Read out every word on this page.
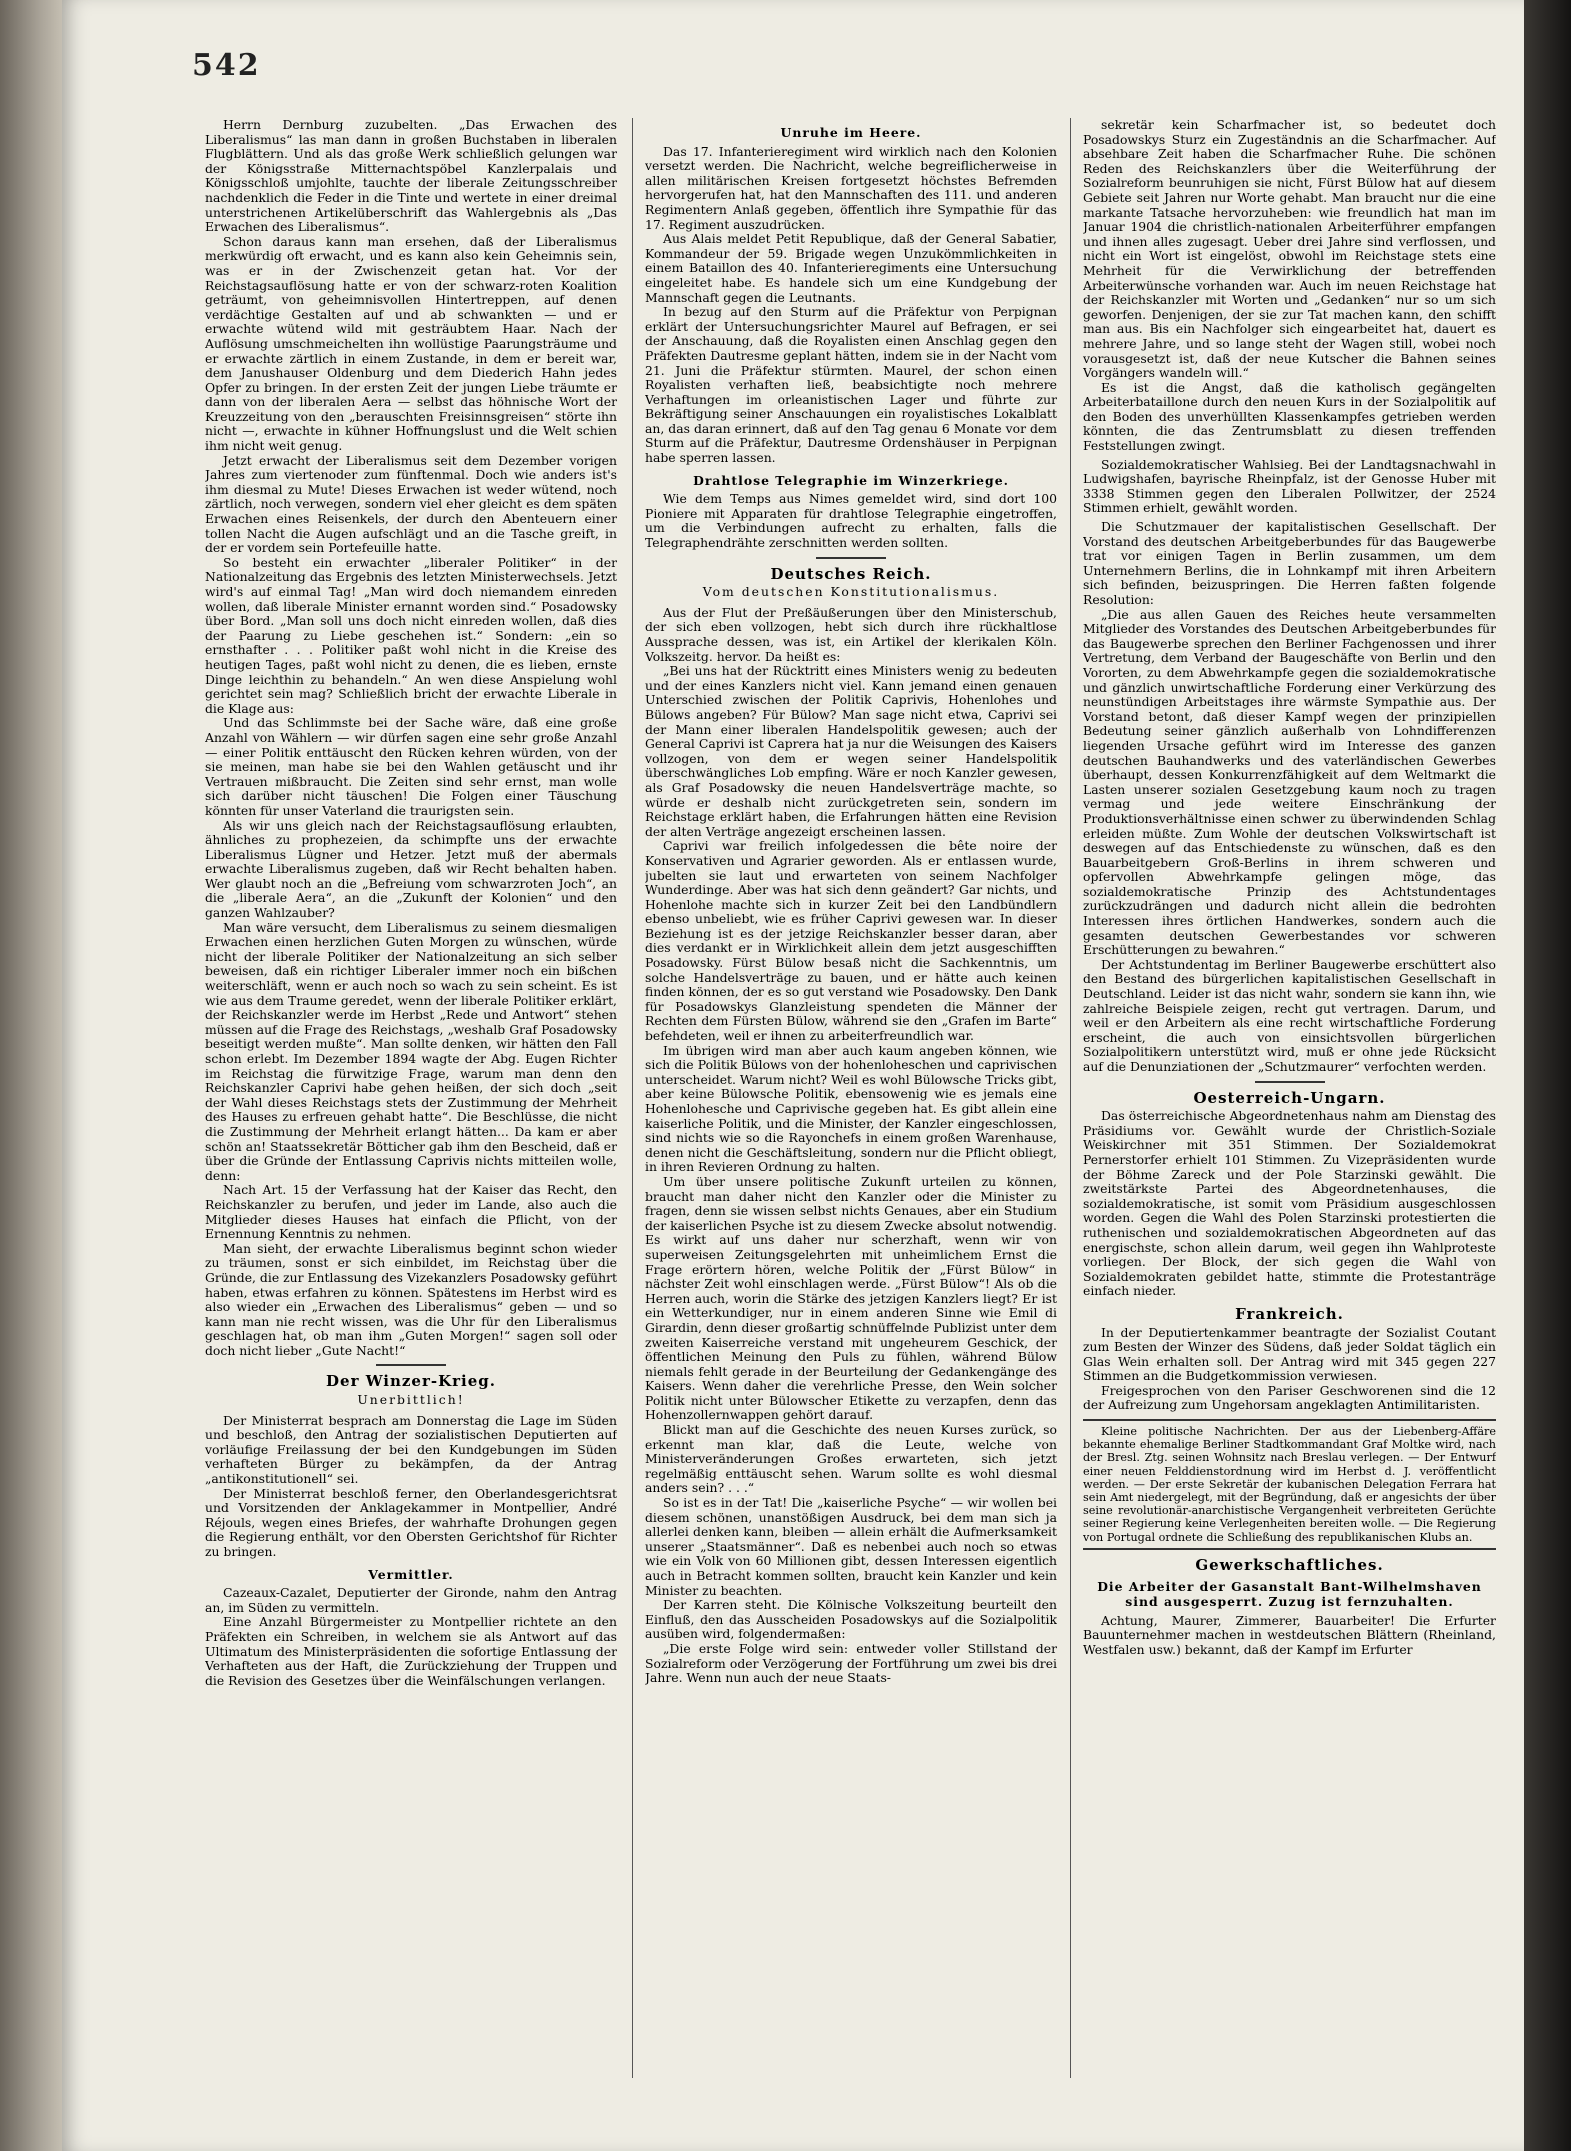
542

Herrn Dernburg zuzubelten. „Das Erwachen des Liberalismus“ las man dann in großen Buchstaben in liberalen Flugblättern. Und als das große Werk schließlich gelungen war der Königsstraße Mitternachtspöbel Kanzlerpalais und Königsschloß umjohlte, tauchte der liberale Zeitungsschreiber nachdenklich die Feder in die Tinte und wertete in einer dreimal unterstrichenen Artikelüberschrift das Wahlergebnis als „Das Erwachen des Liberalismus“.

Schon daraus kann man ersehen, daß der Liberalismus merkwürdig oft erwacht, und es kann also kein Geheimnis sein, was er in der Zwischenzeit getan hat. Vor der Reichstagsauflösung hatte er von der schwarz-roten Koalition geträumt, von geheimnisvollen Hintertreppen, auf denen verdächtige Gestalten auf und ab schwankten — und er erwachte wütend wild mit gesträubtem Haar. Nach der Auflösung umschmeichelten ihn wollüstige Paarungsträume und er erwachte zärtlich in einem Zustande, in dem er bereit war, dem Janushauser Oldenburg und dem Diederich Hahn jedes Opfer zu bringen. In der ersten Zeit der jungen Liebe träumte er dann von der liberalen Aera — selbst das höhnische Wort der Kreuzzeitung von den „berauschten Freisinnsgreisen“ störte ihn nicht —, erwachte in kühner Hoffnungslust und die Welt schien ihm nicht weit genug.

Jetzt erwacht der Liberalismus seit dem Dezember vorigen Jahres zum viertenoder zum fünftenmal. Doch wie anders ist's ihm diesmal zu Mute! Dieses Erwachen ist weder wütend, noch zärtlich, noch verwegen, sondern viel eher gleicht es dem späten Erwachen eines Reisenkels, der durch den Abenteuern einer tollen Nacht die Augen aufschlägt und an die Tasche greift, in der er vordem sein Portefeuille hatte.

So besteht ein erwachter „liberaler Politiker“ in der Nationalzeitung das Ergebnis des letzten Ministerwechsels. Jetzt wird's auf einmal Tag! „Man wird doch niemandem einreden wollen, daß liberale Minister ernannt worden sind.“ Posadowsky über Bord. „Man soll uns doch nicht einreden wollen, daß dies der Paarung zu Liebe geschehen ist.“ Sondern: „ein so ernsthafter . . . Politiker paßt wohl nicht in die Kreise des heutigen Tages, paßt wohl nicht zu denen, die es lieben, ernste Dinge leichthin zu behandeln.“ An wen diese Anspielung wohl gerichtet sein mag? Schließlich bricht der erwachte Liberale in die Klage aus:

Und das Schlimmste bei der Sache wäre, daß eine große Anzahl von Wählern — wir dürfen sagen eine sehr große Anzahl — einer Politik enttäuscht den Rücken kehren würden, von der sie meinen, man habe sie bei den Wahlen getäuscht und ihr Vertrauen mißbraucht. Die Zeiten sind sehr ernst, man wolle sich darüber nicht täuschen! Die Folgen einer Täuschung könnten für unser Vaterland die traurigsten sein.

Als wir uns gleich nach der Reichstagsauflösung erlaubten, ähnliches zu prophezeien, da schimpfte uns der erwachte Liberalismus Lügner und Hetzer. Jetzt muß der abermals erwachte Liberalismus zugeben, daß wir Recht behalten haben. Wer glaubt noch an die „Befreiung vom schwarzroten Joch“, an die „liberale Aera“, an die „Zukunft der Kolonien“ und den ganzen Wahlzauber?

Man wäre versucht, dem Liberalismus zu seinem diesmaligen Erwachen einen herzlichen Guten Morgen zu wünschen, würde nicht der liberale Politiker der Nationalzeitung an sich selber beweisen, daß ein richtiger Liberaler immer noch ein bißchen weiterschläft, wenn er auch noch so wach zu sein scheint. Es ist wie aus dem Traume geredet, wenn der liberale Politiker erklärt, der Reichskanzler werde im Herbst „Rede und Antwort“ stehen müssen auf die Frage des Reichstags, „weshalb Graf Posadowsky beseitigt werden mußte“. Man sollte denken, wir hätten den Fall schon erlebt. Im Dezember 1894 wagte der Abg. Eugen Richter im Reichstag die fürwitzige Frage, warum man denn den Reichskanzler Caprivi habe gehen heißen, der sich doch „seit der Wahl dieses Reichstags stets der Zustimmung der Mehrheit des Hauses zu erfreuen gehabt hatte“. Die Beschlüsse, die nicht die Zustimmung der Mehrheit erlangt hätten... Da kam er aber schön an! Staatssekretär Bötticher gab ihm den Bescheid, daß er über die Gründe der Entlassung Caprivis nichts mitteilen wolle, denn:

Nach Art. 15 der Verfassung hat der Kaiser das Recht, den Reichskanzler zu berufen, und jeder im Lande, also auch die Mitglieder dieses Hauses hat einfach die Pflicht, von der Ernennung Kenntnis zu nehmen.

Man sieht, der erwachte Liberalismus beginnt schon wieder zu träumen, sonst er sich einbildet, im Reichstag über die Gründe, die zur Entlassung des Vizekanzlers Posadowsky geführt haben, etwas erfahren zu können. Spätestens im Herbst wird es also wieder ein „Erwachen des Liberalismus“ geben — und so kann man nie recht wissen, was die Uhr für den Liberalismus geschlagen hat, ob man ihm „Guten Morgen!“ sagen soll oder doch nicht lieber „Gute Nacht!“

Der Winzer-Krieg.
Unerbittlich!

Der Ministerrat besprach am Donnerstag die Lage im Süden und beschloß, den Antrag der sozialistischen Deputierten auf vorläufige Freilassung der bei den Kundgebungen im Süden verhafteten Bürger zu bekämpfen, da der Antrag „antikonstitutionell“ sei.

Der Ministerrat beschloß ferner, den Oberlandesgerichtsrat und Vorsitzenden der Anklagekammer in Montpellier, André Réjouls, wegen eines Briefes, der wahrhafte Drohungen gegen die Regierung enthält, vor den Obersten Gerichtshof für Richter zu bringen.

Vermittler.

Cazeaux-Cazalet, Deputierter der Gironde, nahm den Antrag an, im Süden zu vermitteln.

Eine Anzahl Bürgermeister zu Montpellier richtete an den Präfekten ein Schreiben, in welchem sie als Antwort auf das Ultimatum des Ministerpräsidenten die sofortige Entlassung der Verhafteten aus der Haft, die Zurückziehung der Truppen und die Revision des Gesetzes über die Weinfälschungen verlangen.

Unruhe im Heere.

Das 17. Infanterieregiment wird wirklich nach den Kolonien versetzt werden. Die Nachricht, welche begreiflicherweise in allen militärischen Kreisen fortgesetzt höchstes Befremden hervorgerufen hat, hat den Mannschaften des 111. und anderen Regimentern Anlaß gegeben, öffentlich ihre Sympathie für das 17. Regiment auszudrücken.

Aus Alais meldet Petit Republique, daß der General Sabatier, Kommandeur der 59. Brigade wegen Unzukömmlichkeiten in einem Bataillon des 40. Infanterieregiments eine Untersuchung eingeleitet habe. Es handele sich um eine Kundgebung der Mannschaft gegen die Leutnants.

In bezug auf den Sturm auf die Präfektur von Perpignan erklärt der Untersuchungsrichter Maurel auf Befragen, er sei der Anschauung, daß die Royalisten einen Anschlag gegen den Präfekten Dautresme geplant hätten, indem sie in der Nacht vom 21. Juni die Präfektur stürmten. Maurel, der schon einen Royalisten verhaften ließ, beabsichtigte noch mehrere Verhaftungen im orleanistischen Lager und führte zur Bekräftigung seiner Anschauungen ein royalistisches Lokalblatt an, das daran erinnert, daß auf den Tag genau 6 Monate vor dem Sturm auf die Präfektur, Dautresme Ordenshäuser in Perpignan habe sperren lassen.

Drahtlose Telegraphie im Winzerkriege.

Wie dem Temps aus Nimes gemeldet wird, sind dort 100 Pioniere mit Apparaten für drahtlose Telegraphie eingetroffen, um die Verbindungen aufrecht zu erhalten, falls die Telegraphendrähte zerschnitten werden sollten.

Deutsches Reich.
Vom deutschen Konstitutionalismus.

Aus der Flut der Preßäußerungen über den Ministerschub, der sich eben vollzogen, hebt sich durch ihre rückhaltlose Aussprache dessen, was ist, ein Artikel der klerikalen Köln. Volkszeitg. hervor. Da heißt es:

„Bei uns hat der Rücktritt eines Ministers wenig zu bedeuten und der eines Kanzlers nicht viel. Kann jemand einen genauen Unterschied zwischen der Politik Caprivis, Hohenlohes und Bülows angeben? Für Bülow? Man sage nicht etwa, Caprivi sei der Mann einer liberalen Handelspolitik gewesen; auch der General Caprivi ist Caprera hat ja nur die Weisungen des Kaisers vollzogen, von dem er wegen seiner Handelspolitik überschwängliches Lob empfing. Wäre er noch Kanzler gewesen, als Graf Posadowsky die neuen Handelsverträge machte, so würde er deshalb nicht zurückgetreten sein, sondern im Reichstage erklärt haben, die Erfahrungen hätten eine Revision der alten Verträge angezeigt erscheinen lassen.

Caprivi war freilich infolgedessen die bête noire der Konservativen und Agrarier geworden. Als er entlassen wurde, jubelten sie laut und erwarteten von seinem Nachfolger Wunderdinge. Aber was hat sich denn geändert? Gar nichts, und Hohenlohe machte sich in kurzer Zeit bei den Landbündlern ebenso unbeliebt, wie es früher Caprivi gewesen war. In dieser Beziehung ist es der jetzige Reichskanzler besser daran, aber dies verdankt er in Wirklichkeit allein dem jetzt ausgeschifften Posadowsky. Fürst Bülow besaß nicht die Sachkenntnis, um solche Handelsverträge zu bauen, und er hätte auch keinen finden können, der es so gut verstand wie Posadowsky. Den Dank für Posadowskys Glanzleistung spendeten die Männer der Rechten dem Fürsten Bülow, während sie den „Grafen im Barte“ befehdeten, weil er ihnen zu arbeiterfreundlich war.

Im übrigen wird man aber auch kaum angeben können, wie sich die Politik Bülows von der hohenloheschen und caprivischen unterscheidet. Warum nicht? Weil es wohl Bülowsche Tricks gibt, aber keine Bülowsche Politik, ebensowenig wie es jemals eine Hohenlohesche und Caprivische gegeben hat. Es gibt allein eine kaiserliche Politik, und die Minister, der Kanzler eingeschlossen, sind nichts wie so die Rayonchefs in einem großen Warenhause, denen nicht die Geschäftsleitung, sondern nur die Pflicht obliegt, in ihren Revieren Ordnung zu halten.

Um über unsere politische Zukunft urteilen zu können, braucht man daher nicht den Kanzler oder die Minister zu fragen, denn sie wissen selbst nichts Genaues, aber ein Studium der kaiserlichen Psyche ist zu diesem Zwecke absolut notwendig. Es wirkt auf uns daher nur scherzhaft, wenn wir von superweisen Zeitungsgelehrten mit unheimlichem Ernst die Frage erörtern hören, welche Politik der „Fürst Bülow“ in nächster Zeit wohl einschlagen werde. „Fürst Bülow“! Als ob die Herren auch, worin die Stärke des jetzigen Kanzlers liegt? Er ist ein Wetterkundiger, nur in einem anderen Sinne wie Emil di Girardin, denn dieser großartig schnüffelnde Publizist unter dem zweiten Kaiserreiche verstand mit ungeheurem Geschick, der öffentlichen Meinung den Puls zu fühlen, während Bülow niemals fehlt gerade in der Beurteilung der Gedankengänge des Kaisers. Wenn daher die verehrliche Presse, den Wein solcher Politik nicht unter Bülowscher Etikette zu verzapfen, denn das Hohenzollernwappen gehört darauf.

Blickt man auf die Geschichte des neuen Kurses zurück, so erkennt man klar, daß die Leute, welche von Ministerveränderungen Großes erwarteten, sich jetzt regelmäßig enttäuscht sehen. Warum sollte es wohl diesmal anders sein? . . .“

So ist es in der Tat! Die „kaiserliche Psyche“ — wir wollen bei diesem schönen, unanstößigen Ausdruck, bei dem man sich ja allerlei denken kann, bleiben — allein erhält die Aufmerksamkeit unserer „Staatsmänner“. Daß es nebenbei auch noch so etwas wie ein Volk von 60 Millionen gibt, dessen Interessen eigentlich auch in Betracht kommen sollten, braucht kein Kanzler und kein Minister zu beachten.

Der Karren steht. Die Kölnische Volkszeitung beurteilt den Einfluß, den das Ausscheiden Posadowskys auf die Sozialpolitik ausüben wird, folgendermaßen:

„Die erste Folge wird sein: entweder voller Stillstand der Sozialreform oder Verzögerung der Fortführung um zwei bis drei Jahre. Wenn nun auch der neue Staats-

sekretär kein Scharfmacher ist, so bedeutet doch Posadowskys Sturz ein Zugeständnis an die Scharfmacher. Auf absehbare Zeit haben die Scharfmacher Ruhe. Die schönen Reden des Reichskanzlers über die Weiterführung der Sozialreform beunruhigen sie nicht, Fürst Bülow hat auf diesem Gebiete seit Jahren nur Worte gehabt. Man braucht nur die eine markante Tatsache hervorzuheben: wie freundlich hat man im Januar 1904 die christlich-nationalen Arbeiterführer empfangen und ihnen alles zugesagt. Ueber drei Jahre sind verflossen, und nicht ein Wort ist eingelöst, obwohl im Reichstage stets eine Mehrheit für die Verwirklichung der betreffenden Arbeiterwünsche vorhanden war. Auch im neuen Reichstage hat der Reichskanzler mit Worten und „Gedanken“ nur so um sich geworfen. Denjenigen, der sie zur Tat machen kann, den schifft man aus. Bis ein Nachfolger sich eingearbeitet hat, dauert es mehrere Jahre, und so lange steht der Wagen still, wobei noch vorausgesetzt ist, daß der neue Kutscher die Bahnen seines Vorgängers wandeln will.“

Es ist die Angst, daß die katholisch gegängelten Arbeiterbataillone durch den neuen Kurs in der Sozialpolitik auf den Boden des unverhüllten Klassenkampfes getrieben werden könnten, die das Zentrumsblatt zu diesen treffenden Feststellungen zwingt.

Sozialdemokratischer Wahlsieg. Bei der Landtagsnachwahl in Ludwigshafen, bayrische Rheinpfalz, ist der Genosse Huber mit 3338 Stimmen gegen den Liberalen Pollwitzer, der 2524 Stimmen erhielt, gewählt worden.

Die Schutzmauer der kapitalistischen Gesellschaft. Der Vorstand des deutschen Arbeitgeberbundes für das Baugewerbe trat vor einigen Tagen in Berlin zusammen, um dem Unternehmern Berlins, die in Lohnkampf mit ihren Arbeitern sich befinden, beizuspringen. Die Herren faßten folgende Resolution:

„Die aus allen Gauen des Reiches heute versammelten Mitglieder des Vorstandes des Deutschen Arbeitgeberbundes für das Baugewerbe sprechen den Berliner Fachgenossen und ihrer Vertretung, dem Verband der Baugeschäfte von Berlin und den Vororten, zu dem Abwehrkampfe gegen die sozialdemokratische und gänzlich unwirtschaftliche Forderung einer Verkürzung des neunstündigen Arbeitstages ihre wärmste Sympathie aus. Der Vorstand betont, daß dieser Kampf wegen der prinzipiellen Bedeutung seiner gänzlich außerhalb von Lohndifferenzen liegenden Ursache geführt wird im Interesse des ganzen deutschen Bauhandwerks und des vaterländischen Gewerbes überhaupt, dessen Konkurrenzfähigkeit auf dem Weltmarkt die Lasten unserer sozialen Gesetzgebung kaum noch zu tragen vermag und jede weitere Einschränkung der Produktionsverhältnisse einen schwer zu überwindenden Schlag erleiden müßte. Zum Wohle der deutschen Volkswirtschaft ist deswegen auf das Entschiedenste zu wünschen, daß es den Bauarbeitgebern Groß-Berlins in ihrem schweren und opfervollen Abwehrkampfe gelingen möge, das sozialdemokratische Prinzip des Achtstundentages zurückzudrängen und dadurch nicht allein die bedrohten Interessen ihres örtlichen Handwerkes, sondern auch die gesamten deutschen Gewerbestandes vor schweren Erschütterungen zu bewahren.“

Der Achtstundentag im Berliner Baugewerbe erschüttert also den Bestand des bürgerlichen kapitalistischen Gesellschaft in Deutschland. Leider ist das nicht wahr, sondern sie kann ihn, wie zahlreiche Beispiele zeigen, recht gut vertragen. Darum, und weil er den Arbeitern als eine recht wirtschaftliche Forderung erscheint, die auch von einsichtsvollen bürgerlichen Sozialpolitikern unterstützt wird, muß er ohne jede Rücksicht auf die Denunziationen der „Schutzmaurer“ verfochten werden.

Oesterreich-Ungarn.

Das österreichische Abgeordnetenhaus nahm am Dienstag des Präsidiums vor. Gewählt wurde der Christlich-Soziale Weiskirchner mit 351 Stimmen. Der Sozialdemokrat Pernerstorfer erhielt 101 Stimmen. Zu Vizepräsidenten wurde der Böhme Zareck und der Pole Starzinski gewählt. Die zweitstärkste Partei des Abgeordnetenhauses, die sozialdemokratische, ist somit vom Präsidium ausgeschlossen worden. Gegen die Wahl des Polen Starzinski protestierten die ruthenischen und sozialdemokratischen Abgeordneten auf das energischste, schon allein darum, weil gegen ihn Wahlproteste vorliegen. Der Block, der sich gegen die Wahl von Sozialdemokraten gebildet hatte, stimmte die Protestanträge einfach nieder.

Frankreich.

In der Deputiertenkammer beantragte der Sozialist Coutant zum Besten der Winzer des Südens, daß jeder Soldat täglich ein Glas Wein erhalten soll. Der Antrag wird mit 345 gegen 227 Stimmen an die Budgetkommission verwiesen.

Freigesprochen von den Pariser Geschworenen sind die 12 der Aufreizung zum Ungehorsam angeklagten Antimilitaristen.

Kleine politische Nachrichten. Der aus der Liebenberg-Affäre bekannte ehemalige Berliner Stadtkommandant Graf Moltke wird, nach der Bresl. Ztg. seinen Wohnsitz nach Breslau verlegen. — Der Entwurf einer neuen Felddienstordnung wird im Herbst d. J. veröffentlicht werden. — Der erste Sekretär der kubanischen Delegation Ferrara hat sein Amt niedergelegt, mit der Begründung, daß er angesichts der über seine revolutionär-anarchistische Vergangenheit verbreiteten Gerüchte seiner Regierung keine Verlegenheiten bereiten wolle. — Die Regierung von Portugal ordnete die Schließung des republikanischen Klubs an.

Gewerkschaftliches.
Die Arbeiter der Gasanstalt Bant-Wilhelmshaven sind ausgesperrt. Zuzug ist fernzuhalten.

Achtung, Maurer, Zimmerer, Bauarbeiter! Die Erfurter Bauunternehmer machen in westdeutschen Blättern (Rheinland, Westfalen usw.) bekannt, daß der Kampf im Erfurter
